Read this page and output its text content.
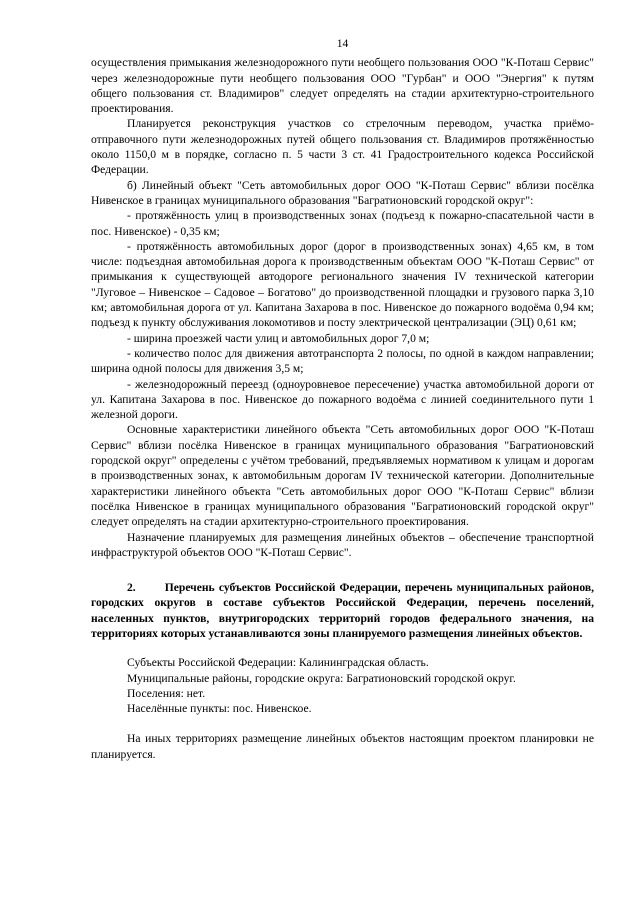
14

осуществления примыкания железнодорожного пути необщего пользования ООО "К-Поташ Сервис" через железнодорожные пути необщего пользования ООО "Гурбан" и ООО "Энергия" к путям общего пользования ст. Владимиров" следует определять на стадии архитектурно-строительного проектирования.

Планируется реконструкция участков со стрелочным переводом, участка приёмо-отправочного пути железнодорожных путей общего пользования ст. Владимиров протяжённостью около 1150,0 м в порядке, согласно п. 5 части 3 ст. 41 Градостроительного кодекса Российской Федерации.

б) Линейный объект "Сеть автомобильных дорог ООО "К-Поташ Сервис" вблизи посёлка Нивенское в границах муниципального образования "Багратионовский городской округ":

- протяжённость улиц в производственных зонах (подъезд к пожарно-спасательной части в пос. Нивенское) - 0,35 км;

- протяжённость автомобильных дорог (дорог в производственных зонах) 4,65 км, в том числе: подъездная автомобильная дорога к производственным объектам ООО "К-Поташ Сервис" от примыкания к существующей автодороге регионального значения IV технической категории "Луговое – Нивенское – Садовое – Богатово" до производственной площадки и грузового парка 3,10 км; автомобильная дорога от ул. Капитана Захарова в пос. Нивенское до пожарного водоёма 0,94 км; подъезд к пункту обслуживания локомотивов и посту электрической централизации (ЭЦ) 0,61 км;

- ширина проезжей части улиц и автомобильных дорог 7,0 м;

- количество полос для движения автотранспорта 2 полосы, по одной в каждом направлении; ширина одной полосы для движения 3,5 м;

- железнодорожный переезд (одноуровневое пересечение) участка автомобильной дороги от ул. Капитана Захарова в пос. Нивенское до пожарного водоёма с линией соединительного пути 1 железной дороги.

Основные характеристики линейного объекта "Сеть автомобильных дорог ООО "К-Поташ Сервис" вблизи посёлка Нивенское в границах муниципального образования "Багратионовский городской округ" определены с учётом требований, предъявляемых нормативом к улицам и дорогам в производственных зонах, к автомобильным дорогам IV технической категории. Дополнительные характеристики линейного объекта "Сеть автомобильных дорог ООО "К-Поташ Сервис" вблизи посёлка Нивенское в границах муниципального образования "Багратионовский городской округ" следует определять на стадии архитектурно-строительного проектирования.

Назначение планируемых для размещения линейных объектов – обеспечение транспортной инфраструктурой объектов ООО "К-Поташ Сервис".

2.       Перечень субъектов Российской Федерации, перечень муниципальных районов, городских округов в составе субъектов Российской Федерации, перечень поселений, населенных пунктов, внутригородских территорий городов федерального значения, на территориях которых устанавливаются зоны планируемого размещения линейных объектов.

Субъекты Российской Федерации: Калининградская область.

Муниципальные районы, городские округа: Багратионовский городской округ.

Поселения: нет.

Населённые пункты: пос. Нивенское.

На иных территориях размещение линейных объектов настоящим проектом планировки не планируется.
